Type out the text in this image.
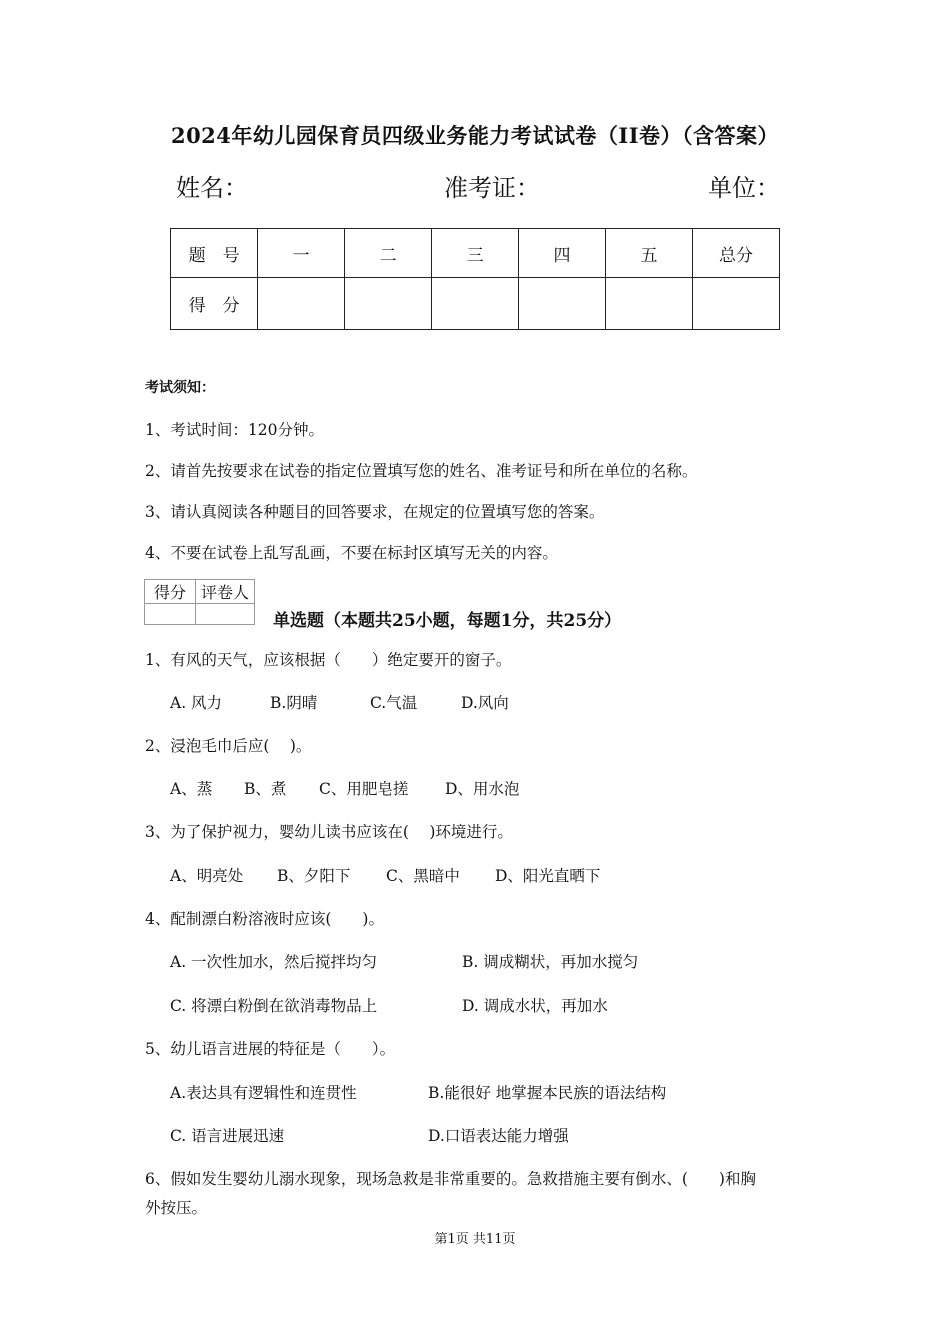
2024年幼儿园保育员四级业务能力考试试卷（II卷）（含答案）
姓名：	准考证：	单位：
题　号	一	二	三	四	五	总分
得　分						
考试须知：
1、考试时间：120分钟。
2、请首先按要求在试卷的指定位置填写您的姓名、准考证号和所在单位的名称。
3、请认真阅读各种题目的回答要求，在规定的位置填写您的答案。
4、不要在试卷上乱写乱画，不要在标封区填写无关的内容。
得分	评卷人

单选题（本题共25小题，每题1分，共25分）
1、有风的天气，应该根据（　　）绝定要开的窗子。
A. 风力	B.阴晴	C.气温	D.风向
2、浸泡毛巾后应(　 )。
A、蒸 B、煮 C、用肥皂搓 D、用水泡
3、为了保护视力，婴幼儿读书应该在(　 )环境进行。
A、明亮处 B、夕阳下 C、黑暗中 D、阳光直晒下
4、配制漂白粉溶液时应该(　　)。
A. 一次性加水，然后搅拌均匀	B. 调成糊状，再加水搅匀
C. 将漂白粉倒在欲消毒物品上	D. 调成水状，再加水
5、幼儿语言进展的特征是（　　）。
A.表达具有逻辑性和连贯性	B.能很好 地掌握本民族的语法结构
C. 语言进展迅速	D.口语表达能力增强
6、假如发生婴幼儿溺水现象，现场急救是非常重要的。急救措施主要有倒水、(　　)和胸
外按压。
第1页 共11页
